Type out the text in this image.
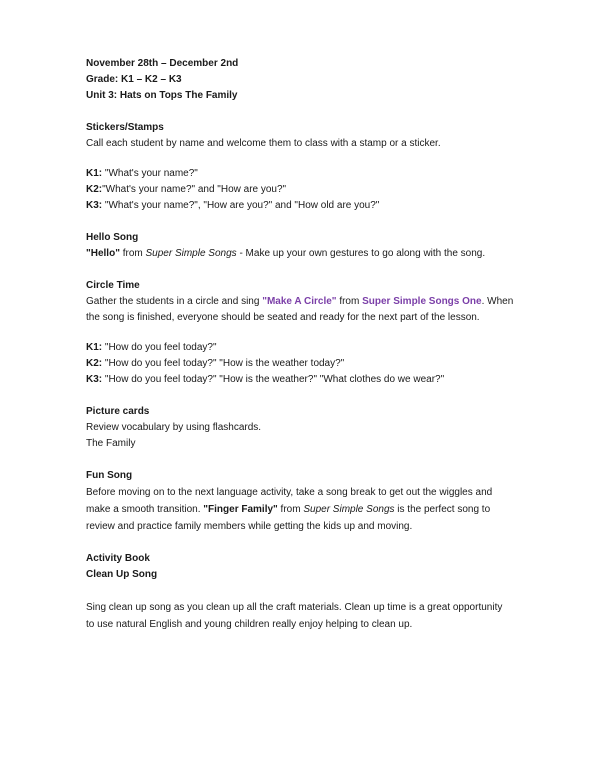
November 28th – December 2nd
Grade: K1 – K2 – K3
Unit 3: Hats on Tops The Family
Stickers/Stamps
Call each student by name and welcome them to class with a stamp or a sticker.
K1: "What's your name?"
K2:"What's your name?" and "How are you?"
K3: "What's your name?", "How are you?" and "How old are you?"
Hello Song
"Hello" from Super Simple Songs - Make up your own gestures to go along with the song.
Circle Time
Gather the students in a circle and sing "Make A Circle" from Super Simple Songs One. When
the song is finished, everyone should be seated and ready for the next part of the lesson.
K1: "How do you feel today?"
K2: "How do you feel today?" "How is the weather today?"
K3: "How do you feel today?" "How is the weather?" "What clothes do we wear?"
Picture cards
Review vocabulary by using flashcards.
The Family
Fun Song
Before moving on to the next language activity, take a song break to get out the wiggles and
make a smooth transition. "Finger Family" from Super Simple Songs is the perfect song to
review and practice family members while getting the kids up and moving.
Activity Book
Clean Up Song
Sing clean up song as you clean up all the craft materials. Clean up time is a great opportunity
to use natural English and young children really enjoy helping to clean up.
